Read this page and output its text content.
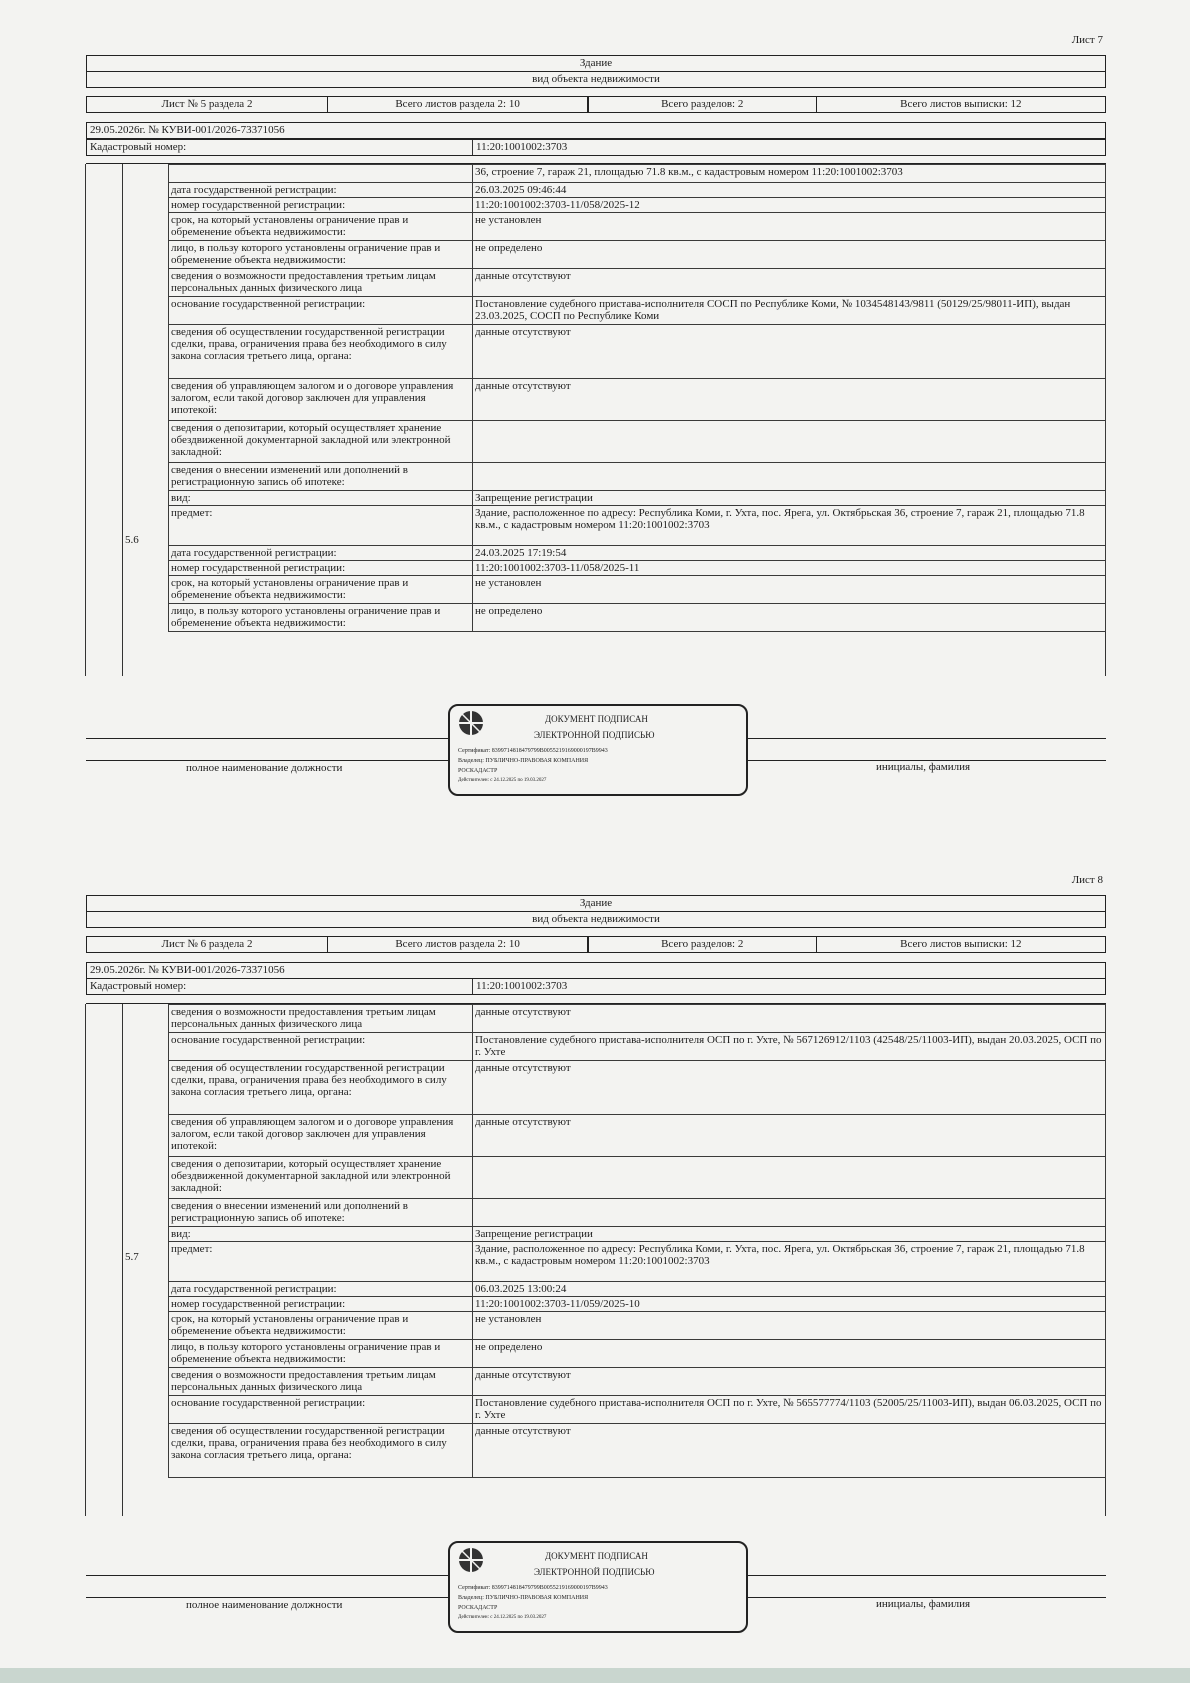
Лист 7
Здание
вид объекта недвижимости
Лист № 5 раздела 2	Всего листов раздела 2: 10	Всего разделов: 2	Всего листов выписки: 12
29.05.2026г. № КУВИ-001/2026-73371056
Кадастровый номер:	11:20:1001002:3703
5.6
	36, строение 7, гараж 21, площадью 71.8 кв.м., с кадастровым номером 11:20:1001002:3703
дата государственной регистрации:	26.03.2025 09:46:44
номер государственной регистрации:	11:20:1001002:3703-11/058/2025-12
срок, на который установлены ограничение прав и обременение объекта недвижимости:	не установлен
лицо, в пользу которого установлены ограничение прав и обременение объекта недвижимости:	не определено
сведения о возможности предоставления третьим лицам персональных данных физического лица	данные отсутствуют
основание государственной регистрации:	Постановление судебного пристава-исполнителя СОСП по Республике Коми, № 1034548143/9811 (50129/25/98011-ИП), выдан 23.03.2025, СОСП по Республике Коми
сведения об осуществлении государственной регистрации сделки, права, ограничения права без необходимого в силу закона согласия третьего лица, органа:	данные отсутствуют
сведения об управляющем залогом и о договоре управления залогом, если такой договор заключен для управления ипотекой:	данные отсутствуют
сведения о депозитарии, который осуществляет хранение обездвиженной документарной закладной или электронной закладной:	
сведения о внесении изменений или дополнений в регистрационную запись об ипотеке:	
вид:	Запрещение регистрации
предмет:	Здание, расположенное по адресу: Республика Коми, г. Ухта, пос. Ярега, ул. Октябрьская 36, строение 7, гараж 21, площадью 71.8 кв.м., с кадастровым номером 11:20:1001002:3703
дата государственной регистрации:	24.03.2025 17:19:54
номер государственной регистрации:	11:20:1001002:3703-11/058/2025-11
срок, на который установлены ограничение прав и обременение объекта недвижимости:	не установлен
лицо, в пользу которого установлены ограничение прав и обременение объекта недвижимости:	не определено
полное наименование должности	инициалы, фамилия
ДОКУМЕНТ ПОДПИСАН
ЭЛЕКТРОННОЙ ПОДПИСЬЮ
Сертификат: 8399714818479799B0055219169000197B9943
Владелец: ПУБЛИЧНО-ПРАВОВАЯ КОМПАНИЯ
РОСКАДАСТР
Действителен: с 24.12.2025 по 19.03.2027
Лист 8
Здание
вид объекта недвижимости
Лист № 6 раздела 2	Всего листов раздела 2: 10	Всего разделов: 2	Всего листов выписки: 12
29.05.2026г. № КУВИ-001/2026-73371056
Кадастровый номер:	11:20:1001002:3703
5.7
сведения о возможности предоставления третьим лицам персональных данных физического лица	данные отсутствуют
основание государственной регистрации:	Постановление судебного пристава-исполнителя ОСП по г. Ухте, № 567126912/1103 (42548/25/11003-ИП), выдан 20.03.2025, ОСП по г. Ухте
сведения об осуществлении государственной регистрации сделки, права, ограничения права без необходимого в силу закона согласия третьего лица, органа:	данные отсутствуют
сведения об управляющем залогом и о договоре управления залогом, если такой договор заключен для управления ипотекой:	данные отсутствуют
сведения о депозитарии, который осуществляет хранение обездвиженной документарной закладной или электронной закладной:	
сведения о внесении изменений или дополнений в регистрационную запись об ипотеке:	
вид:	Запрещение регистрации
предмет:	Здание, расположенное по адресу: Республика Коми, г. Ухта, пос. Ярега, ул. Октябрьская 36, строение 7, гараж 21, площадью 71.8 кв.м., с кадастровым номером 11:20:1001002:3703
дата государственной регистрации:	06.03.2025 13:00:24
номер государственной регистрации:	11:20:1001002:3703-11/059/2025-10
срок, на который установлены ограничение прав и обременение объекта недвижимости:	не установлен
лицо, в пользу которого установлены ограничение прав и обременение объекта недвижимости:	не определено
сведения о возможности предоставления третьим лицам персональных данных физического лица	данные отсутствуют
основание государственной регистрации:	Постановление судебного пристава-исполнителя ОСП по г. Ухте, № 565577774/1103 (52005/25/11003-ИП), выдан 06.03.2025, ОСП по г. Ухте
сведения об осуществлении государственной регистрации сделки, права, ограничения права без необходимого в силу закона согласия третьего лица, органа:	данные отсутствуют
полное наименование должности	инициалы, фамилия
ДОКУМЕНТ ПОДПИСАН
ЭЛЕКТРОННОЙ ПОДПИСЬЮ
Сертификат: 8399714818479799B0055219169000197B9943
Владелец: ПУБЛИЧНО-ПРАВОВАЯ КОМПАНИЯ
РОСКАДАСТР
Действителен: с 24.12.2025 по 19.03.2027
